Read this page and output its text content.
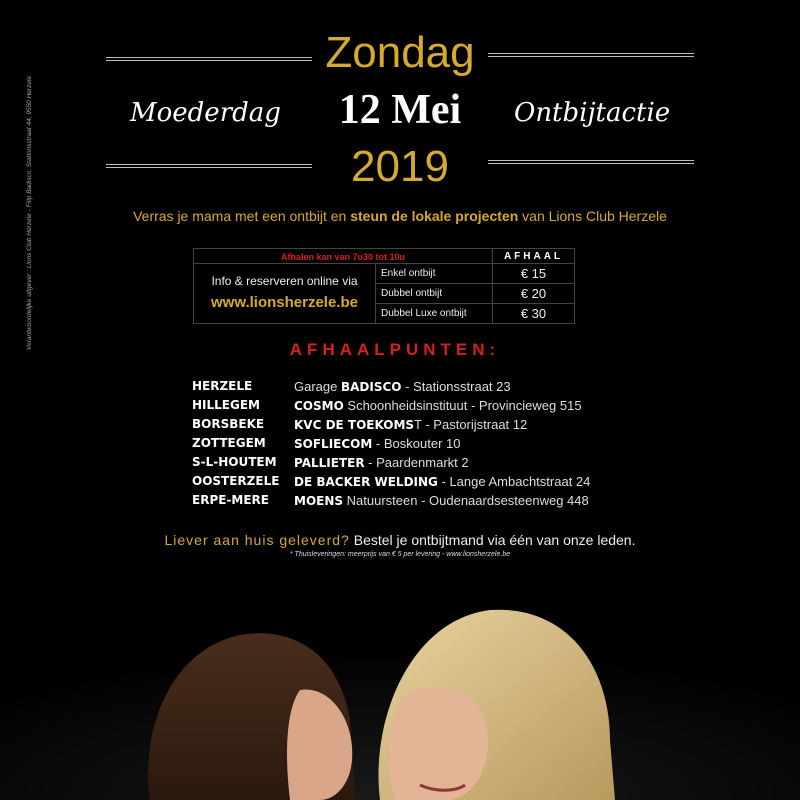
Zondag
12 Mei
2019
Moederdag	Ontbijtactie
Verras je mama met een ontbijt en steun de lokale projecten van Lions Club Herzele
Afhalen kan van 7u30 tot 10u	AFHAAL
Info & reserveren online via
www.lionsherzele.be
Enkel ontbijt	€ 15
Dubbel ontbijt	€ 20
Dubbel Luxe ontbijt	€ 30
AFHAALPUNTEN:
HERZELE	Garage BADISCO - Stationsstraat 23
HILLEGEM	COSMO Schoonheidsinstituut - Provincieweg 515
BORSBEKE KVC DE TOEKOMST - Pastorijstraat 12
ZOTTEGEM SOFLIECOM - Boskouter 10
S-L-HOUTEM PALLIETER - Paardenmarkt 2
OOSTERZELE DE BACKER WELDING - Lange Ambachtstraat 24
ERPE-MERE MOENS Natuursteen - Oudenaardsesteenweg 448
Liever aan huis geleverd? Bestel je ontbijtmand via één van onze leden.
* Thuisleveringen: meerprijs van € 5 per levering - www.lionsherzele.be
Verantwoordelijke uitgever : Lions Club Herzele - Filip Badisco, Stationsstraat 44, 9550 Herzele
